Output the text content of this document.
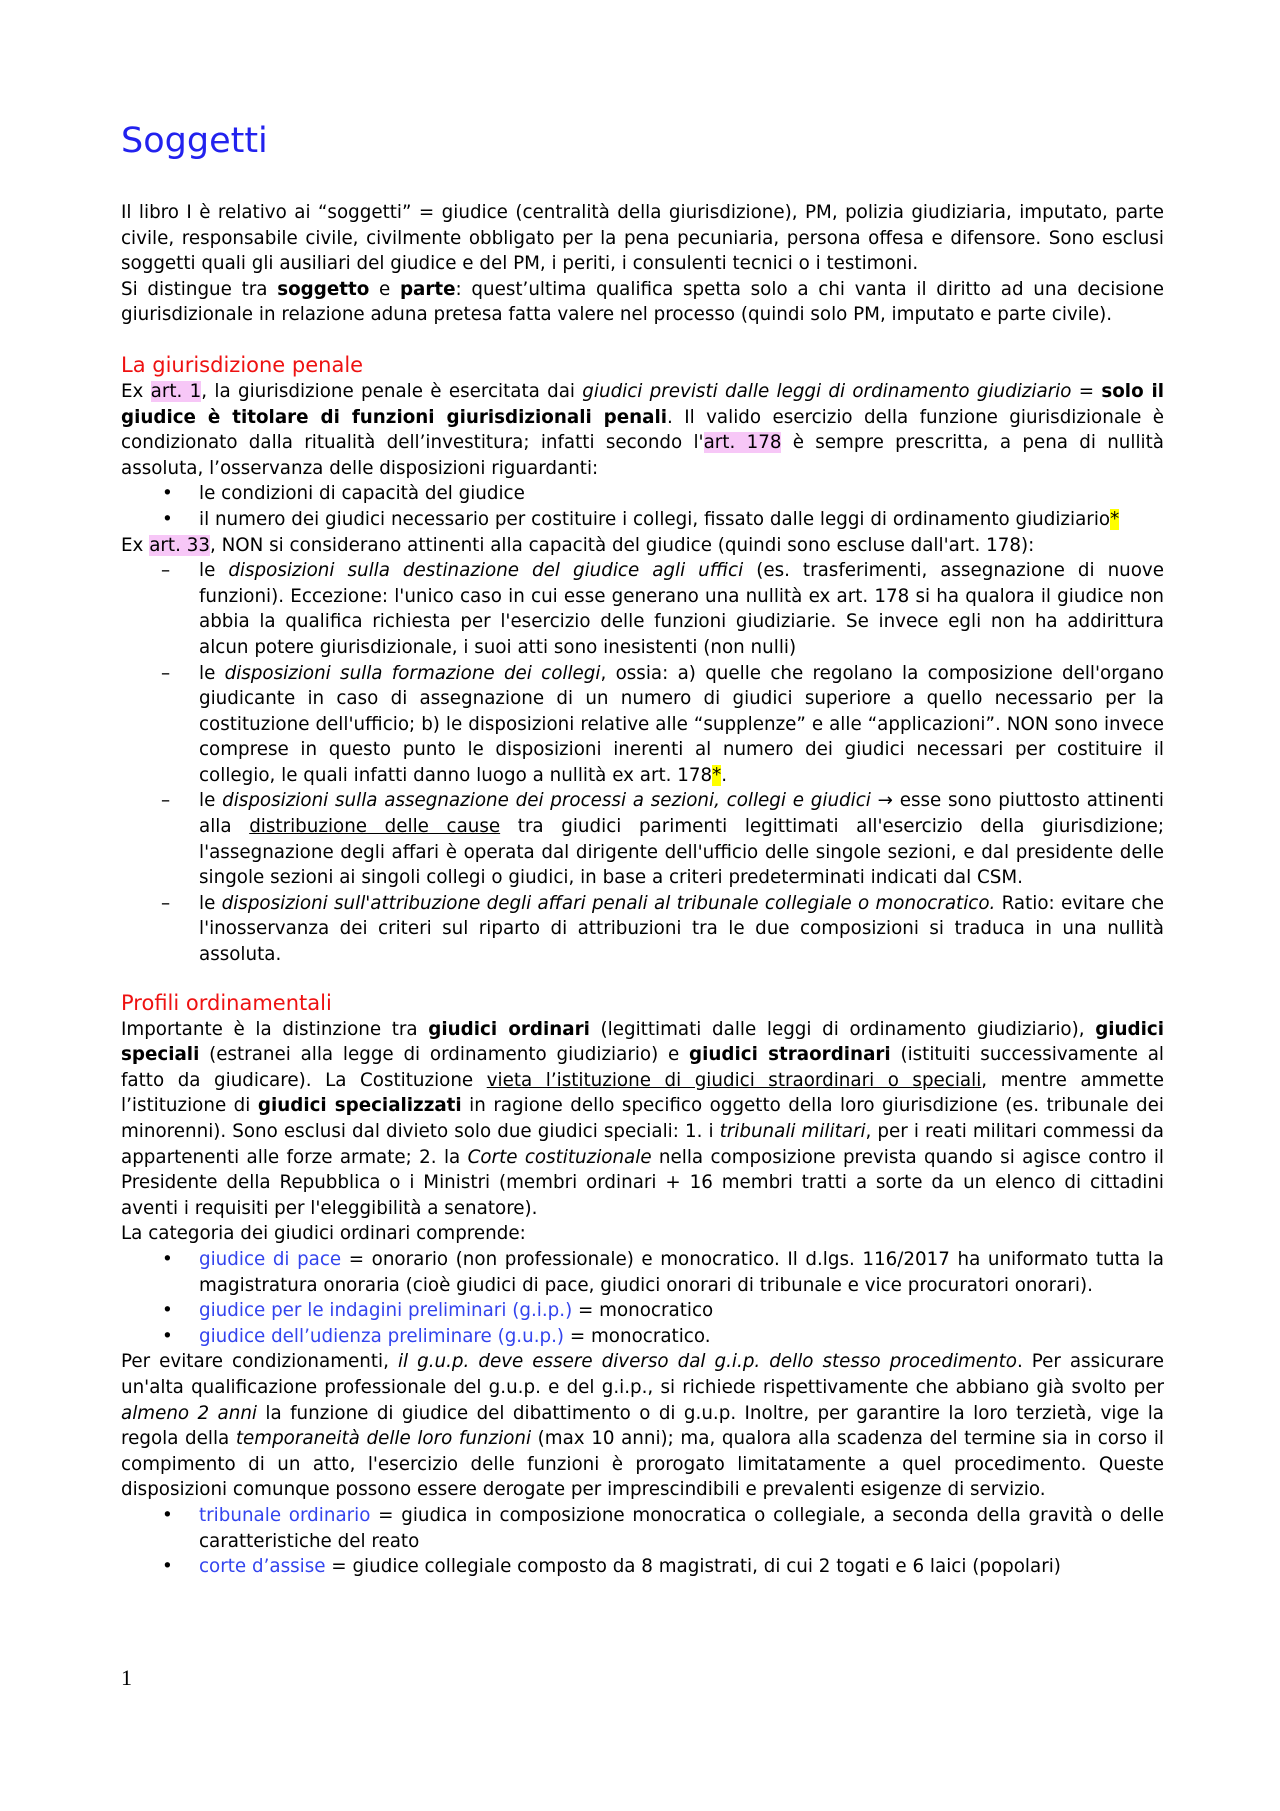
Soggetti

Il libro I è relativo ai “soggetti” = giudice (centralità della giurisdizione), PM, polizia giudiziaria, imputato, parte civile, responsabile civile, civilmente obbligato per la pena pecuniaria, persona offesa e difensore. Sono esclusi soggetti quali gli ausiliari del giudice e del PM, i periti, i consulenti tecnici o i testimoni.

Si distingue tra soggetto e parte: quest’ultima qualifica spetta solo a chi vanta il diritto ad una decisione giurisdizionale in relazione aduna pretesa fatta valere nel processo (quindi solo PM, imputato e parte civile).

La giurisdizione penale

Ex art. 1, la giurisdizione penale è esercitata dai giudici previsti dalle leggi di ordinamento giudiziario = solo il giudice è titolare di funzioni giurisdizionali penali. Il valido esercizio della funzione giurisdizionale è condizionato dalla ritualità dell’investitura; infatti secondo l'art. 178 è sempre prescritta, a pena di nullità assoluta, l’osservanza delle disposizioni riguardanti:

• le condizioni di capacità del giudice
• il numero dei giudici necessario per costituire i collegi, fissato dalle leggi di ordinamento giudiziario*

Ex art. 33, NON si considerano attinenti alla capacità del giudice (quindi sono escluse dall'art. 178):

– le disposizioni sulla destinazione del giudice agli uffici (es. trasferimenti, assegnazione di nuove funzioni). Eccezione: l'unico caso in cui esse generano una nullità ex art. 178 si ha qualora il giudice non abbia la qualifica richiesta per l'esercizio delle funzioni giudiziarie. Se invece egli non ha addirittura alcun potere giurisdizionale, i suoi atti sono inesistenti (non nulli)
– le disposizioni sulla formazione dei collegi, ossia: a) quelle che regolano la composizione dell'organo giudicante in caso di assegnazione di un numero di giudici superiore a quello necessario per la costituzione dell'ufficio; b) le disposizioni relative alle “supplenze” e alle “applicazioni”. NON sono invece comprese in questo punto le disposizioni inerenti al numero dei giudici necessari per costituire il collegio, le quali infatti danno luogo a nullità ex art. 178*.
– le disposizioni sulla assegnazione dei processi a sezioni, collegi e giudici → esse sono piuttosto attinenti alla distribuzione delle cause tra giudici parimenti legittimati all'esercizio della giurisdizione; l'assegnazione degli affari è operata dal dirigente dell'ufficio delle singole sezioni, e dal presidente delle singole sezioni ai singoli collegi o giudici, in base a criteri predeterminati indicati dal CSM.
– le disposizioni sull'attribuzione degli affari penali al tribunale collegiale o monocratico. Ratio: evitare che l'inosservanza dei criteri sul riparto di attribuzioni tra le due composizioni si traduca in una nullità assoluta.
Profili ordinamentali

Importante è la distinzione tra giudici ordinari (legittimati dalle leggi di ordinamento giudiziario), giudici speciali (estranei alla legge di ordinamento giudiziario) e giudici straordinari (istituiti successivamente al fatto da giudicare). La Costituzione vieta l’istituzione di giudici straordinari o speciali, mentre ammette l’istituzione di giudici specializzati in ragione dello specifico oggetto della loro giurisdizione (es. tribunale dei minorenni). Sono esclusi dal divieto solo due giudici speciali: 1. i tribunali militari, per i reati militari commessi da appartenenti alle forze armate; 2. la Corte costituzionale nella composizione prevista quando si agisce contro il Presidente della Repubblica o i Ministri (membri ordinari + 16 membri tratti a sorte da un elenco di cittadini aventi i requisiti per l'eleggibilità a senatore).

La categoria dei giudici ordinari comprende:

• giudice di pace = onorario (non professionale) e monocratico. Il d.lgs. 116/2017 ha uniformato tutta la magistratura onoraria (cioè giudici di pace, giudici onorari di tribunale e vice procuratori onorari).
• giudice per le indagini preliminari (g.i.p.) = monocratico
• giudice dell’udienza preliminare (g.u.p.) = monocratico.

Per evitare condizionamenti, il g.u.p. deve essere diverso dal g.i.p. dello stesso procedimento. Per assicurare un'alta qualificazione professionale del g.u.p. e del g.i.p., si richiede rispettivamente che abbiano già svolto per almeno 2 anni la funzione di giudice del dibattimento o di g.u.p. Inoltre, per garantire la loro terzietà, vige la regola della temporaneità delle loro funzioni (max 10 anni); ma, qualora alla scadenza del termine sia in corso il compimento di un atto, l'esercizio delle funzioni è prorogato limitatamente a quel procedimento. Queste disposizioni comunque possono essere derogate per imprescindibili e prevalenti esigenze di servizio.

• tribunale ordinario = giudica in composizione monocratica o collegiale, a seconda della gravità o delle caratteristiche del reato
• corte d’assise = giudice collegiale composto da 8 magistrati, di cui 2 togati e 6 laici (popolari)
1
